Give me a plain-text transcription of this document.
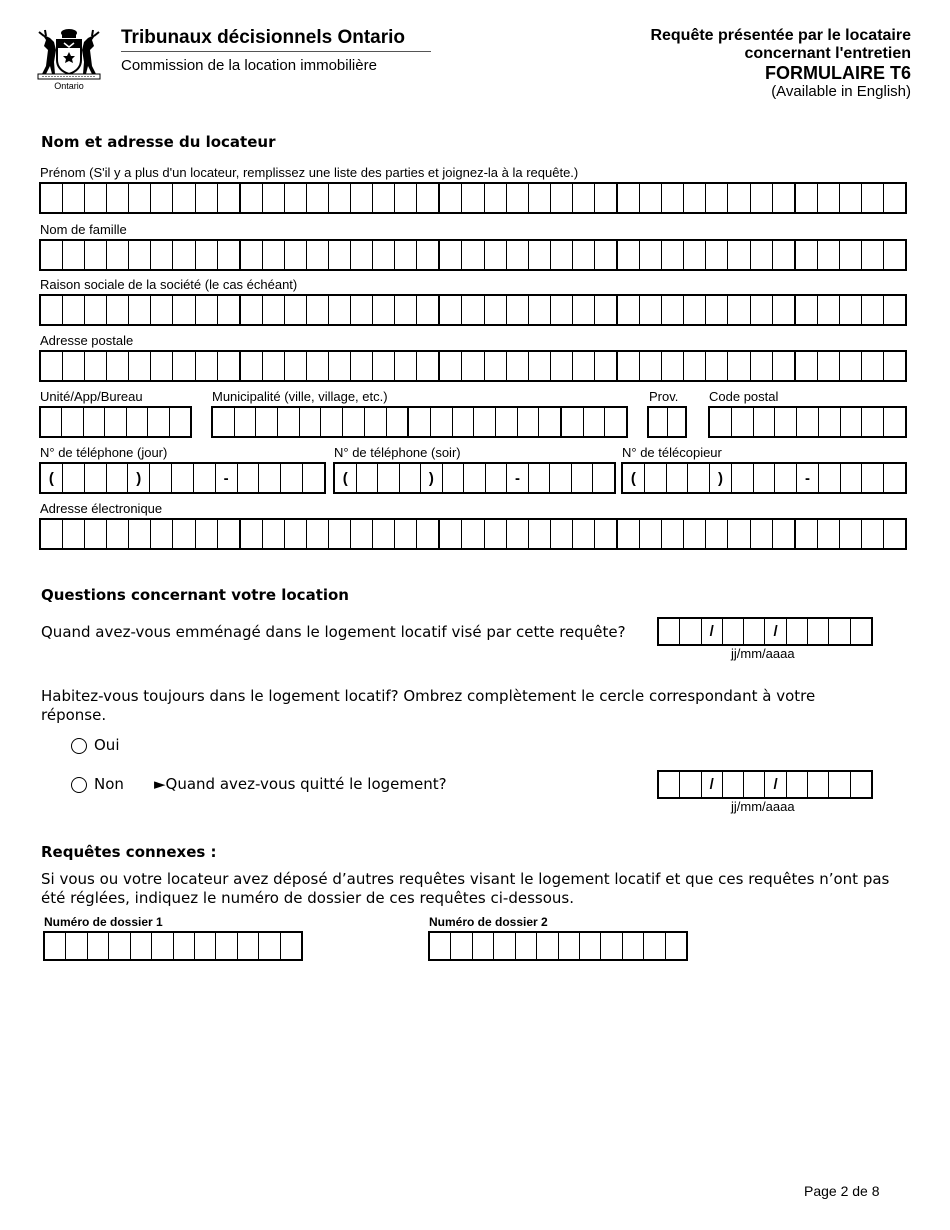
Ontario
Tribunaux décisionnels Ontario
Commission de la location immobilière
Requête présentée par le locataire
concernant l'entretien
FORMULAIRE T6
(Available in English)
Nom et adresse du locateur
Prénom (S'il y a plus d'un locateur, remplissez une liste des parties et joignez-la à la requête.)
Nom de famille
Raison sociale de la société (le cas échéant)
Adresse postale
Unité/App/Bureau	Municipalité (ville, village, etc.)	Prov. Code postal
N° de téléphone (jour)	N° de téléphone (soir)	N° de télécopieur
(	)	-	(	)	-	(	)	-
Adresse électronique
Questions concernant votre location
Quand avez-vous emménagé dans le logement locatif visé par cette requête?	/	/
jj/mm/aaaa
Habitez-vous toujours dans le logement locatif? Ombrez complètement le cercle correspondant à votre réponse.
Oui
Non ►Quand avez-vous quitté le logement?	/	/
jj/mm/aaaa
Requêtes connexes :
Si vous ou votre locateur avez déposé d’autres requêtes visant le logement locatif et que ces requêtes n’ont pas été réglées, indiquez le numéro de dossier de ces requêtes ci-dessous.
Numéro de dossier 1	Numéro de dossier 2
Page 2 de 8
